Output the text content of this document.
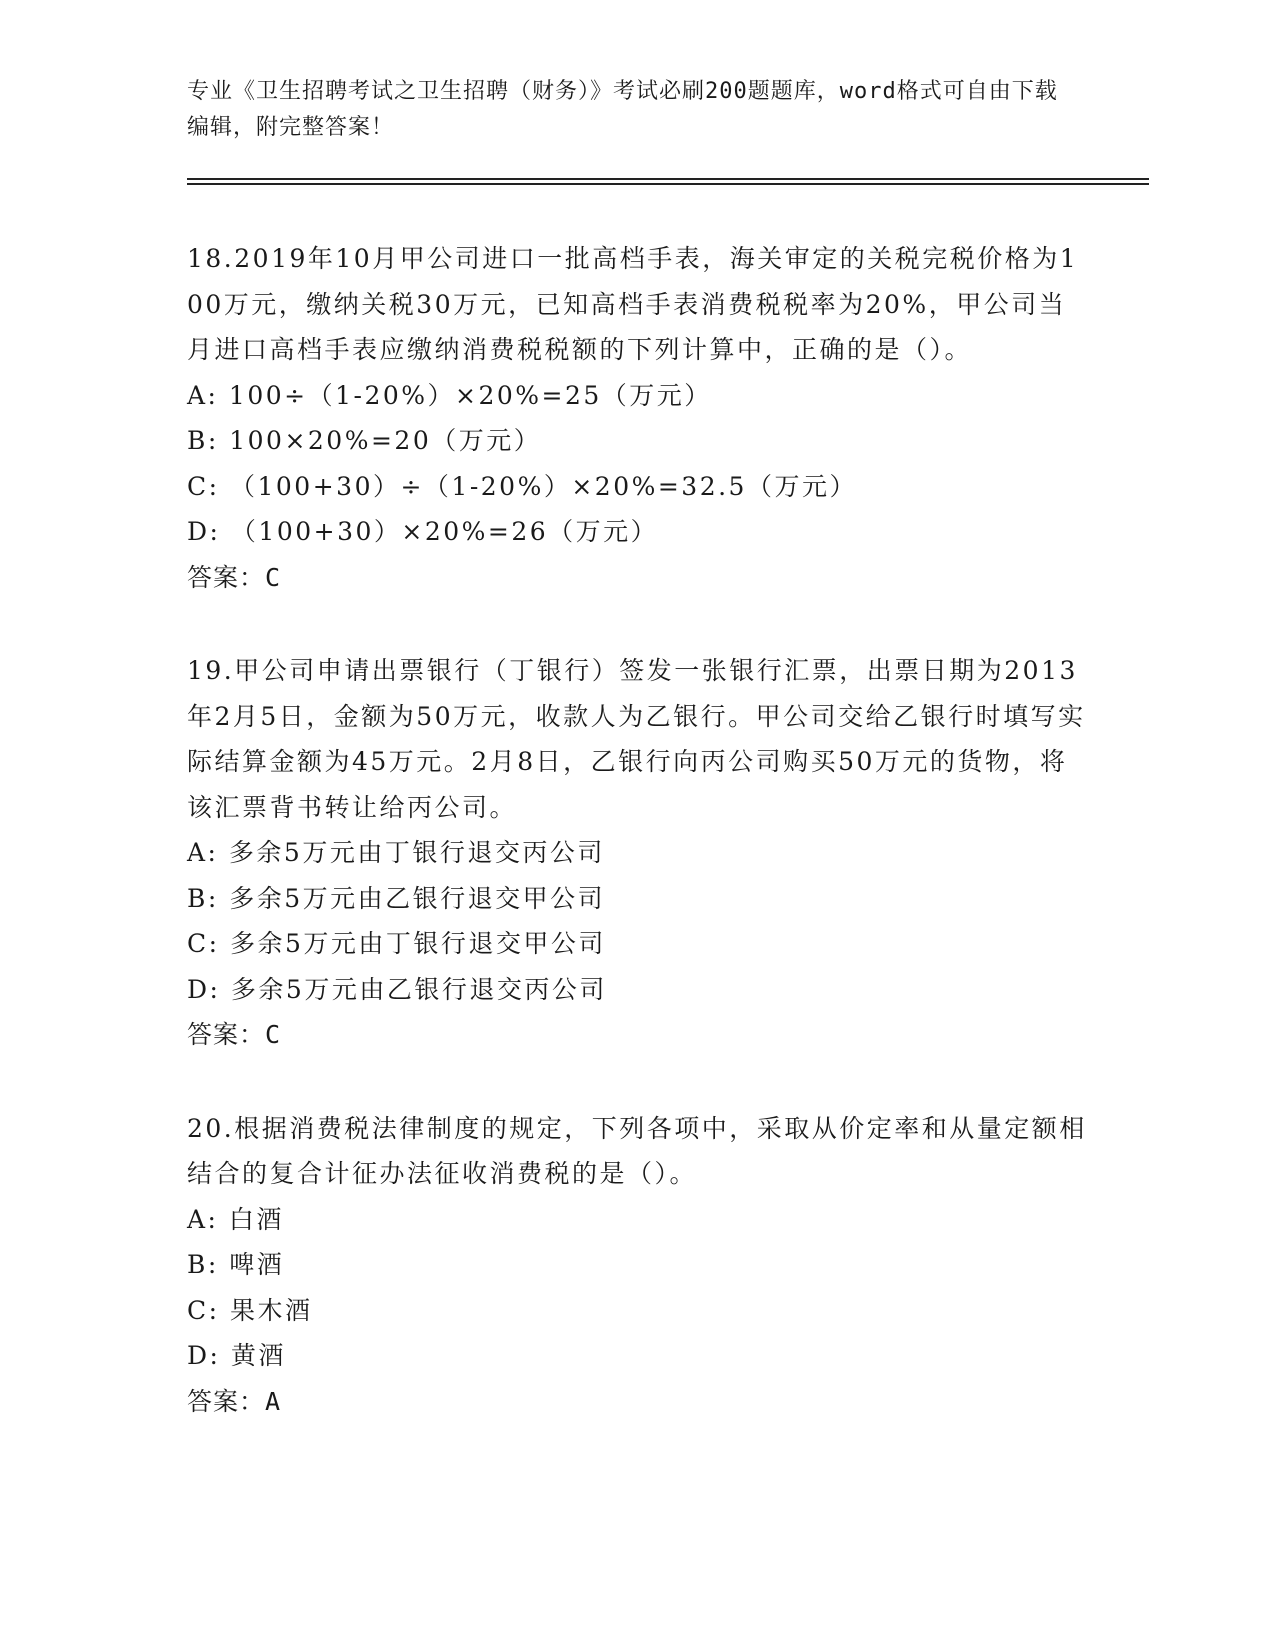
专业《卫生招聘考试之卫生招聘（财务）》考试必刷200题题库，word格式可自由下载编辑，附完整答案！

18.2019年10月甲公司进口一批高档手表，海关审定的关税完税价格为100万元，缴纳关税30万元，已知高档手表消费税税率为20%，甲公司当月进口高档手表应缴纳消费税税额的下列计算中，正确的是（）。

A: 100÷（1-20%）×20%=25（万元）

B: 100×20%=20（万元）

C: （100+30）÷（1-20%）×20%=32.5（万元）

D: （100+30）×20%=26（万元）

答案：C

19.甲公司申请出票银行（丁银行）签发一张银行汇票，出票日期为2013年2月5日，金额为50万元，收款人为乙银行。甲公司交给乙银行时填写实际结算金额为45万元。2月8日，乙银行向丙公司购买50万元的货物，将该汇票背书转让给丙公司。

A: 多余5万元由丁银行退交丙公司

B: 多余5万元由乙银行退交甲公司

C: 多余5万元由丁银行退交甲公司

D: 多余5万元由乙银行退交丙公司

答案：C

20.根据消费税法律制度的规定，下列各项中，采取从价定率和从量定额相结合的复合计征办法征收消费税的是（）。

A: 白酒

B: 啤酒

C: 果木酒

D: 黄酒

答案：A
